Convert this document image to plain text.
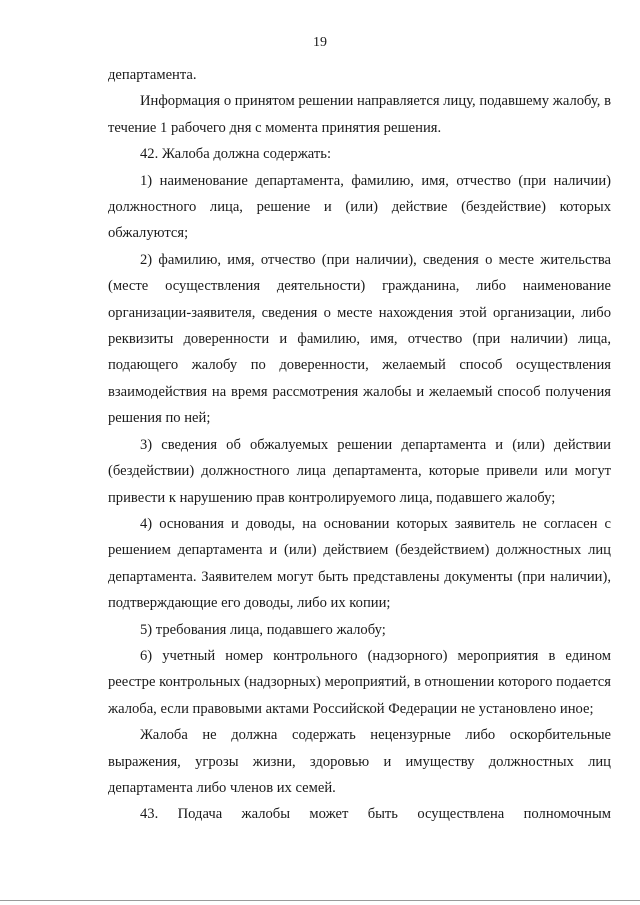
19

департамента.

Информация о принятом решении направляется лицу, подавшему жалобу, в течение 1 рабочего дня с момента принятия решения.

42. Жалоба должна содержать:

1) наименование департамента, фамилию, имя, отчество (при наличии) должностного лица, решение и (или) действие (бездействие) которых обжалуются;

2) фамилию, имя, отчество (при наличии), сведения о месте жительства (месте осуществления деятельности) гражданина, либо наименование организации-заявителя, сведения о месте нахождения этой организации, либо реквизиты доверенности и фамилию, имя, отчество (при наличии) лица, подающего жалобу по доверенности, желаемый способ осуществления взаимодействия на время рассмотрения жалобы и желаемый способ получения решения по ней;

3) сведения об обжалуемых решении департамента и (или) действии (бездействии) должностного лица департамента, которые привели или могут привести к нарушению прав контролируемого лица, подавшего жалобу;

4) основания и доводы, на основании которых заявитель не согласен с решением департамента и (или) действием (бездействием) должностных лиц департамента. Заявителем могут быть представлены документы (при наличии), подтверждающие его доводы, либо их копии;

5) требования лица, подавшего жалобу;

6) учетный номер контрольного (надзорного) мероприятия в едином реестре контрольных (надзорных) мероприятий, в отношении которого подается жалоба, если правовыми актами Российской Федерации не установлено иное;

Жалоба не должна содержать нецензурные либо оскорбительные выражения, угрозы жизни, здоровью и имуществу должностных лиц департамента либо членов их семей.

43. Подача жалобы может быть осуществлена полномочным
